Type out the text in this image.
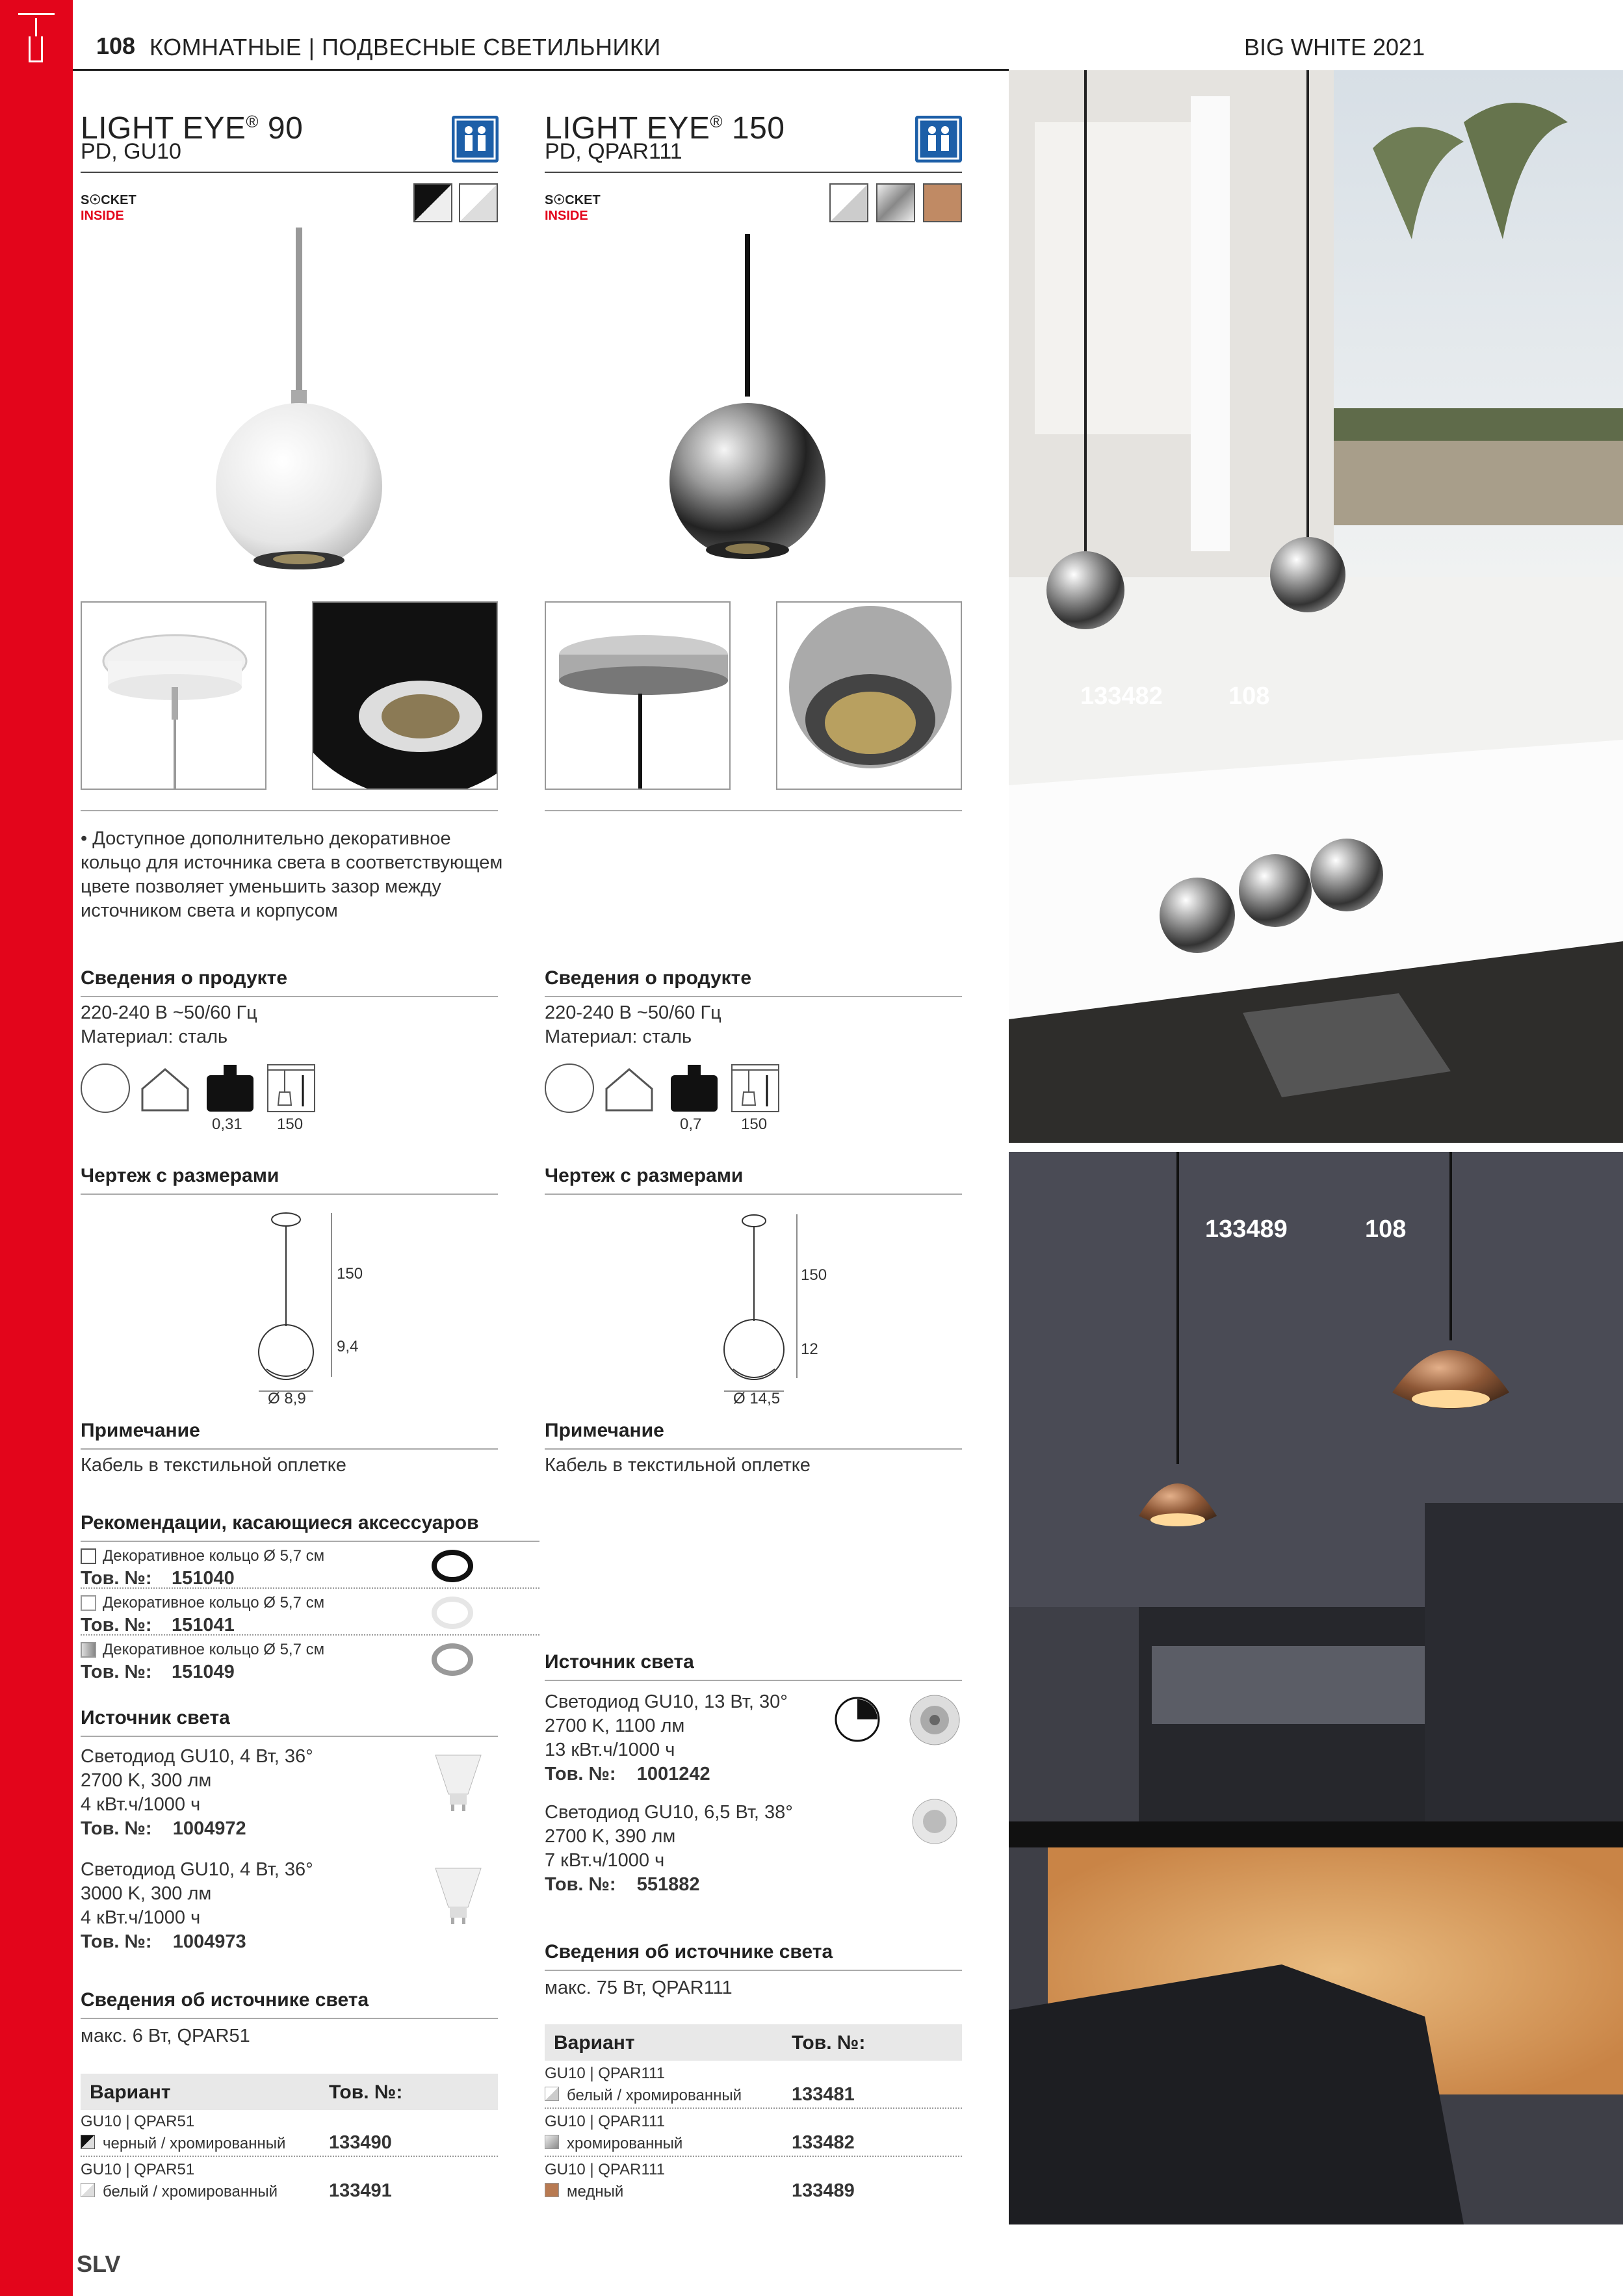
108 КОМНАТНЫЕ | ПОДВЕСНЫЕ СВЕТИЛЬНИКИ	BIG WHITE 2021
LIGHT EYE® 90
PD, GU10
S☉CKET
INSIDE
• Доступное дополнительно декоративное кольцо для источника света в соответствующем цвете позволяет уменьшить зазор между источником света и корпусом
Сведения о продукте
220-240 В ~50/60 Гц
Материал: сталь
0,31 150
Чертеж с размерами
150
9,4
Ø 8,9
Примечание
Кабель в текстильной оплетке
Рекомендации, касающиеся аксессуаров
Декоративное кольцо Ø 5,7 см
Тов. №: 151040
Декоративное кольцо Ø 5,7 см
Тов. №: 151041
Декоративное кольцо Ø 5,7 см
Тов. №: 151049
Источник света
Светодиод GU10, 4 Вт, 36°
2700 K, 300 лм
4 кВт.ч/1000 ч
Тов. №: 1004972
Светодиод GU10, 4 Вт, 36°
3000 K, 300 лм
4 кВт.ч/1000 ч
Тов. №: 1004973
Сведения об источнике света
макс. 6 Вт, QPAR51
Вариант	Тов. №:
GU10 | QPAR51
черный / хромированный 133490
GU10 | QPAR51
белый / хромированный	133491
LIGHT EYE® 150
PD, QPAR111
S☉CKET
INSIDE
Сведения о продукте
220-240 В ~50/60 Гц
Материал: сталь
0,7	150
Чертеж с размерами
150
12
Ø 14,5
Примечание
Кабель в текстильной оплетке
Источник света
Светодиод GU10, 13 Вт, 30°
2700 K, 1100 лм
13 кВт.ч/1000 ч
Тов. №: 1001242
Светодиод GU10, 6,5 Вт, 38°
2700 K, 390 лм
7 кВт.ч/1000 ч
Тов. №: 551882
Сведения об источнике света
макс. 75 Вт, QPAR111
Вариант	Тов. №:
GU10 | QPAR111
белый / хромированный	133481
GU10 | QPAR111
хромированный	133482
GU10 | QPAR111
медный	133489
133482	108
133489	108
SLV
